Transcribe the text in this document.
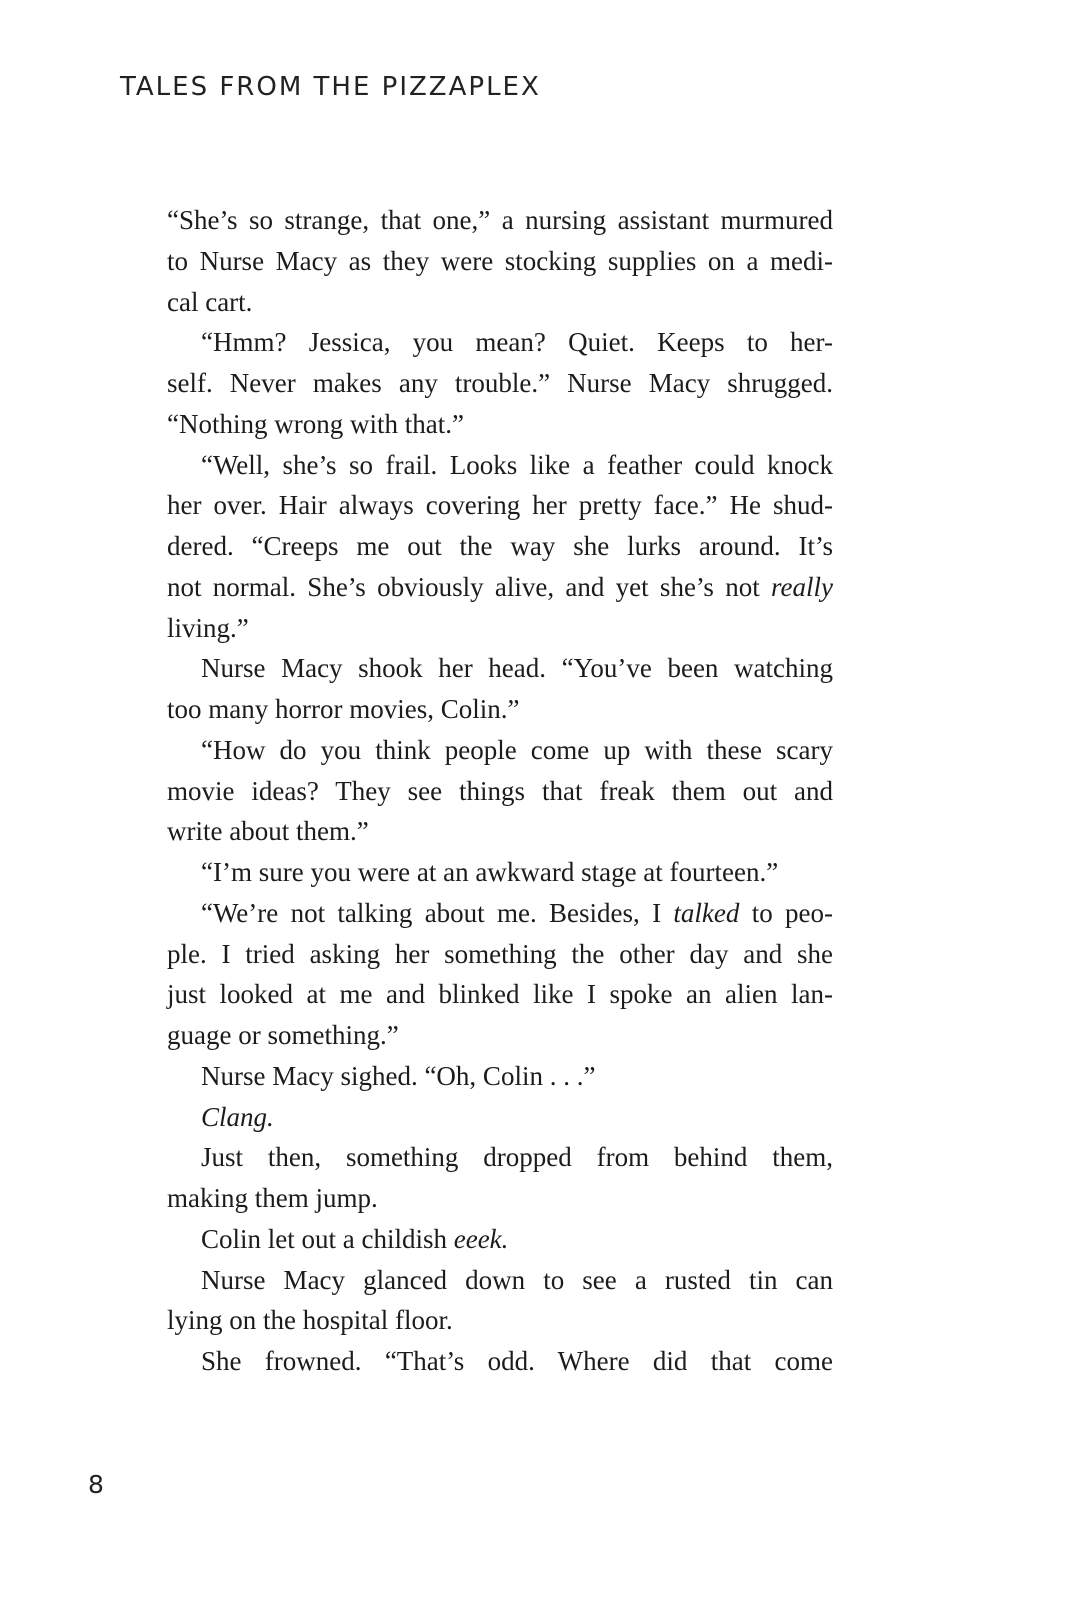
TALES FROM THE PIZZAPLEX
“She’s so strange, that one,” a nursing assistant murmured
to Nurse Macy as they were stocking supplies on a medi-
cal cart.
“Hmm? Jessica, you mean? Quiet. Keeps to her-
self. Never makes any trouble.” Nurse Macy shrugged.
“Nothing wrong with that.”
“Well, she’s so frail. Looks like a feather could knock
her over. Hair always covering her pretty face.” He shud-
dered. “Creeps me out the way she lurks around. It’s
not normal. She’s obviously alive, and yet she’s not really
living.”
Nurse Macy shook her head. “You’ve been watching
too many horror movies, Colin.”
“How do you think people come up with these scary
movie ideas? They see things that freak them out and
write about them.”
“I’m sure you were at an awkward stage at fourteen.”
“We’re not talking about me. Besides, I talked to peo-
ple. I tried asking her something the other day and she
just looked at me and blinked like I spoke an alien lan-
guage or something.”
Nurse Macy sighed. “Oh, Colin . . .”
Clang.
Just then, something dropped from behind them,
making them jump.
Colin let out a childish eeek.
Nurse Macy glanced down to see a rusted tin can
lying on the hospital floor.
She frowned. “That’s odd. Where did that come
8
